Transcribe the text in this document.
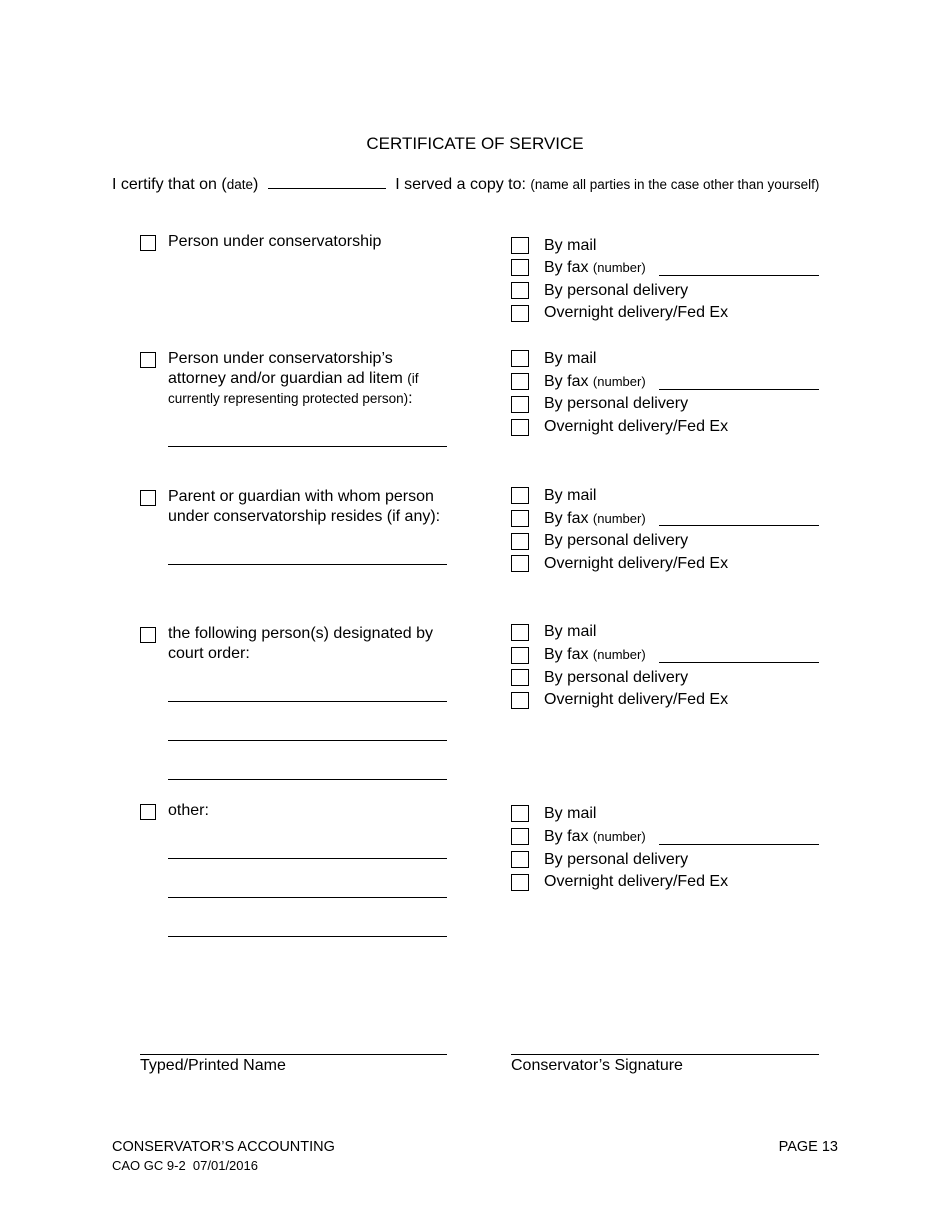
CERTIFICATE OF SERVICE
I certify that on (date)	I served a copy to: (name all parties in the case other than yourself)
Person under conservatorship	By mail
By fax (number)
By personal delivery
Overnight delivery/Fed Ex
Person under conservatorship’s
attorney and/or guardian ad litem (if
currently representing protected person):
By mail
By fax (number)
By personal delivery
Overnight delivery/Fed Ex
Parent or guardian with whom person
under conservatorship resides (if any):
By mail
By fax (number)
By personal delivery
Overnight delivery/Fed Ex
the following person(s) designated by
court order:
By mail
By fax (number)
By personal delivery
Overnight delivery/Fed Ex
other:	By mail
By fax (number)
By personal delivery
Overnight delivery/Fed Ex
Typed/Printed Name	Conservator’s Signature
CONSERVATOR’S ACCOUNTING
CAO GC 9-2  07/01/2016
PAGE 13
